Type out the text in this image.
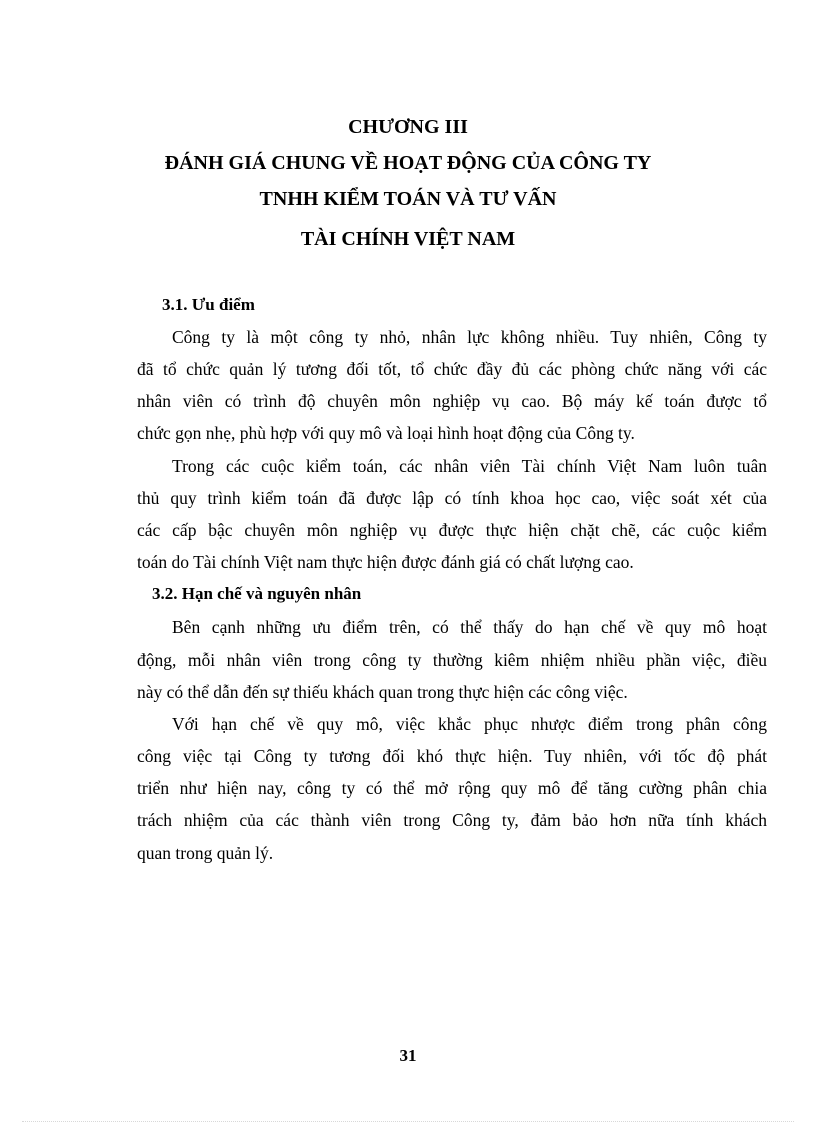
CHƯƠNG III
ĐÁNH GIÁ CHUNG VỀ HOẠT ĐỘNG CỦA CÔNG TY
TNHH KIỂM TOÁN VÀ TƯ VẤN
TÀI CHÍNH VIỆT NAM
3.1. Ưu điểm
Công ty là một công ty nhỏ, nhân lực không nhiều. Tuy nhiên, Công ty
đã tổ chức quản lý tương đối tốt, tổ chức đầy đủ các phòng chức năng với các
nhân viên có trình độ chuyên môn nghiệp vụ cao. Bộ máy kế toán được tổ
chức gọn nhẹ, phù hợp với quy mô và loại hình hoạt động của Công ty.
Trong các cuộc kiểm toán, các nhân viên Tài chính Việt Nam luôn tuân
thủ quy trình kiểm toán đã được lập có tính khoa học cao, việc soát xét của
các cấp bậc chuyên môn nghiệp vụ được thực hiện chặt chẽ, các cuộc kiểm
toán do Tài chính Việt nam thực hiện được đánh giá có chất lượng cao.
3.2. Hạn chế và nguyên nhân
Bên cạnh những ưu điểm trên, có thể thấy do hạn chế về quy mô hoạt
động, mỗi nhân viên trong công ty thường kiêm nhiệm nhiều phần việc, điều
này có thể dẫn đến sự thiếu khách quan trong thực hiện các công việc.
Với hạn chế về quy mô, việc khắc phục nhược điểm trong phân công
công việc tại Công ty tương đối khó thực hiện. Tuy nhiên, với tốc độ phát
triển như hiện nay, công ty có thể mở rộng quy mô để tăng cường phân chia
trách nhiệm của các thành viên trong Công ty, đảm bảo hơn nữa tính khách
quan trong quản lý.
31
